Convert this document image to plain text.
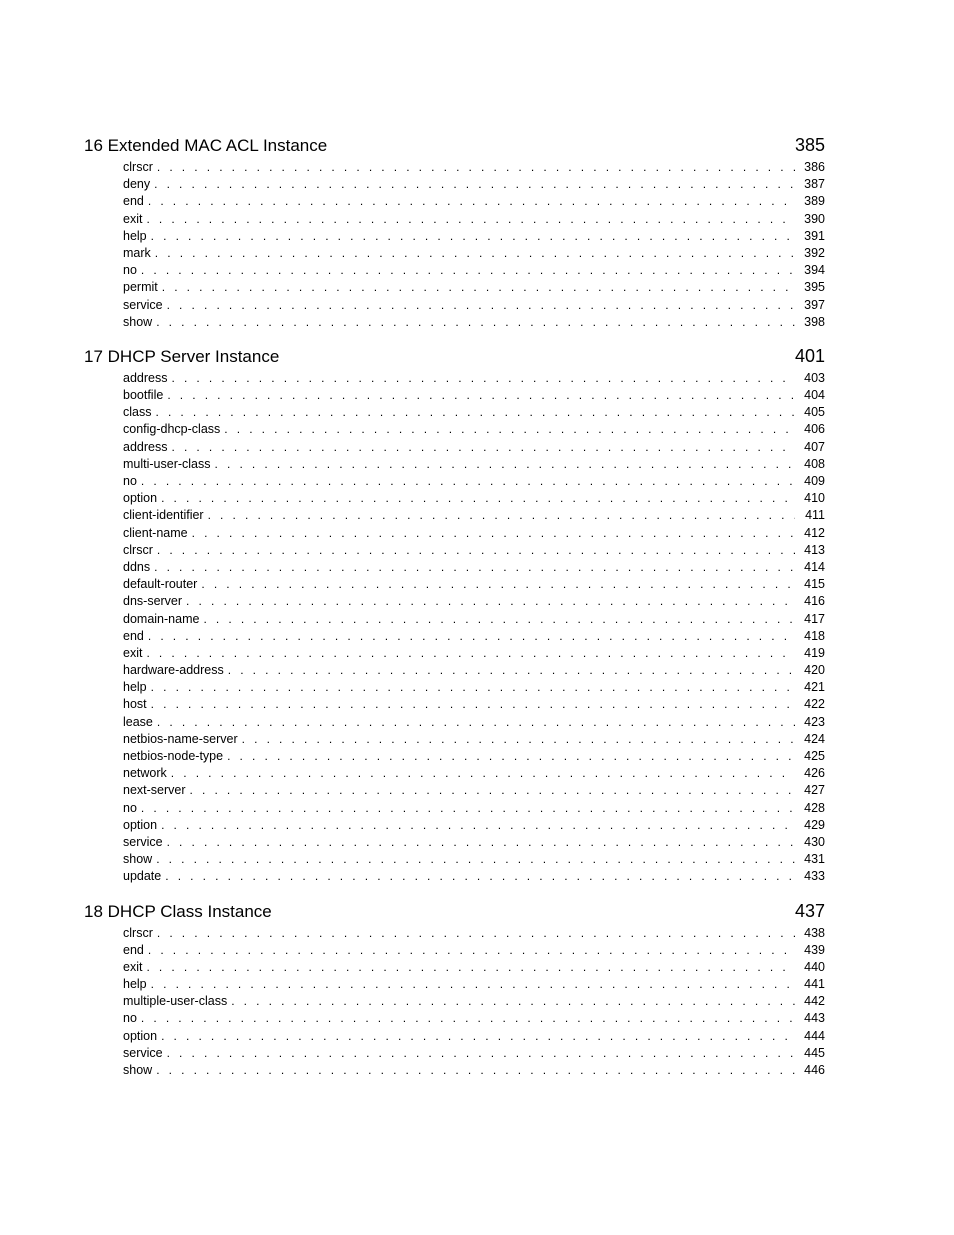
16 Extended MAC ACL Instance	385
clrscr . . .	386
deny . . .	387
end . . .	389
exit . . .	390
help . . .	391
mark . . .	392
no . . .	394
permit . . .	395
service . . .	397
show . . .	398
17 DHCP Server Instance	401
address . . .	403
bootfile . . .	404
class . . .	405
config-dhcp-class . . .	406
address . . .	407
multi-user-class . . .	408
no . . .	409
option . . .	410
client-identifier . . .	411
client-name . . .	412
clrscr . . .	413
ddns . . .	414
default-router . . .	415
dns-server . . .	416
domain-name . . .	417
end . . .	418
exit . . .	419
hardware-address . . .	420
help . . .	421
host . . .	422
lease . . .	423
netbios-name-server . . .	424
netbios-node-type . . .	425
network . . .	426
next-server . . .	427
no . . .	428
option . . .	429
service . . .	430
show . . .	431
update . . .	433
18 DHCP Class Instance	437
clrscr . . .	438
end . . .	439
exit . . .	440
help . . .	441
multiple-user-class . . .	442
no . . .	443
option . . .	444
service . . .	445
show . . .	446
